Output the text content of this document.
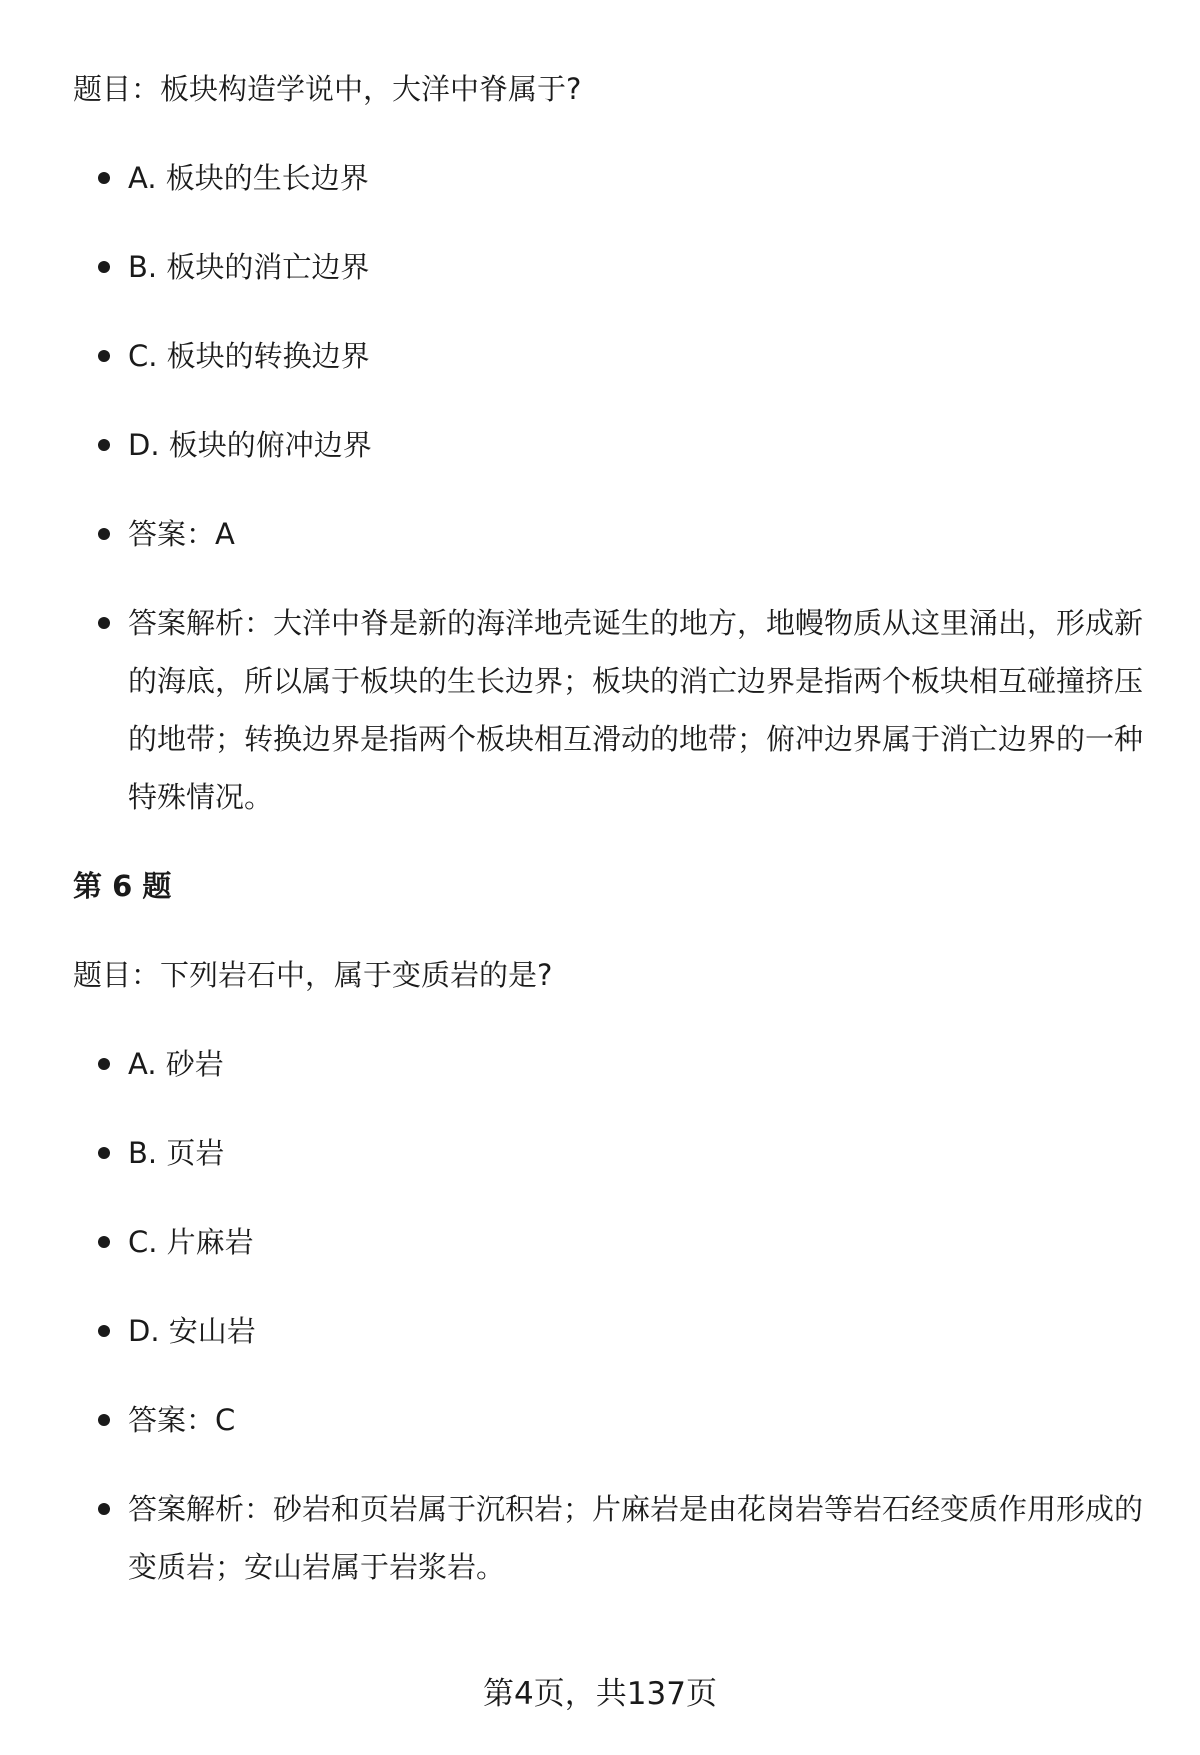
题目：板块构造学说中，大洋中脊属于?

A. 板块的生长边界
B. 板块的消亡边界
C. 板块的转换边界
D. 板块的俯冲边界
答案：A
答案解析：大洋中脊是新的海洋地壳诞生的地方，地幔物质从这里涌出，形成新的海底，所以属于板块的生长边界；板块的消亡边界是指两个板块相互碰撞挤压的地带；转换边界是指两个板块相互滑动的地带；俯冲边界属于消亡边界的一种特殊情况。
第 6 题

题目：下列岩石中，属于变质岩的是?

A. 砂岩
B. 页岩
C. 片麻岩
D. 安山岩
答案：C
答案解析：砂岩和页岩属于沉积岩；片麻岩是由花岗岩等岩石经变质作用形成的变质岩；安山岩属于岩浆岩。
第4页，共137页
